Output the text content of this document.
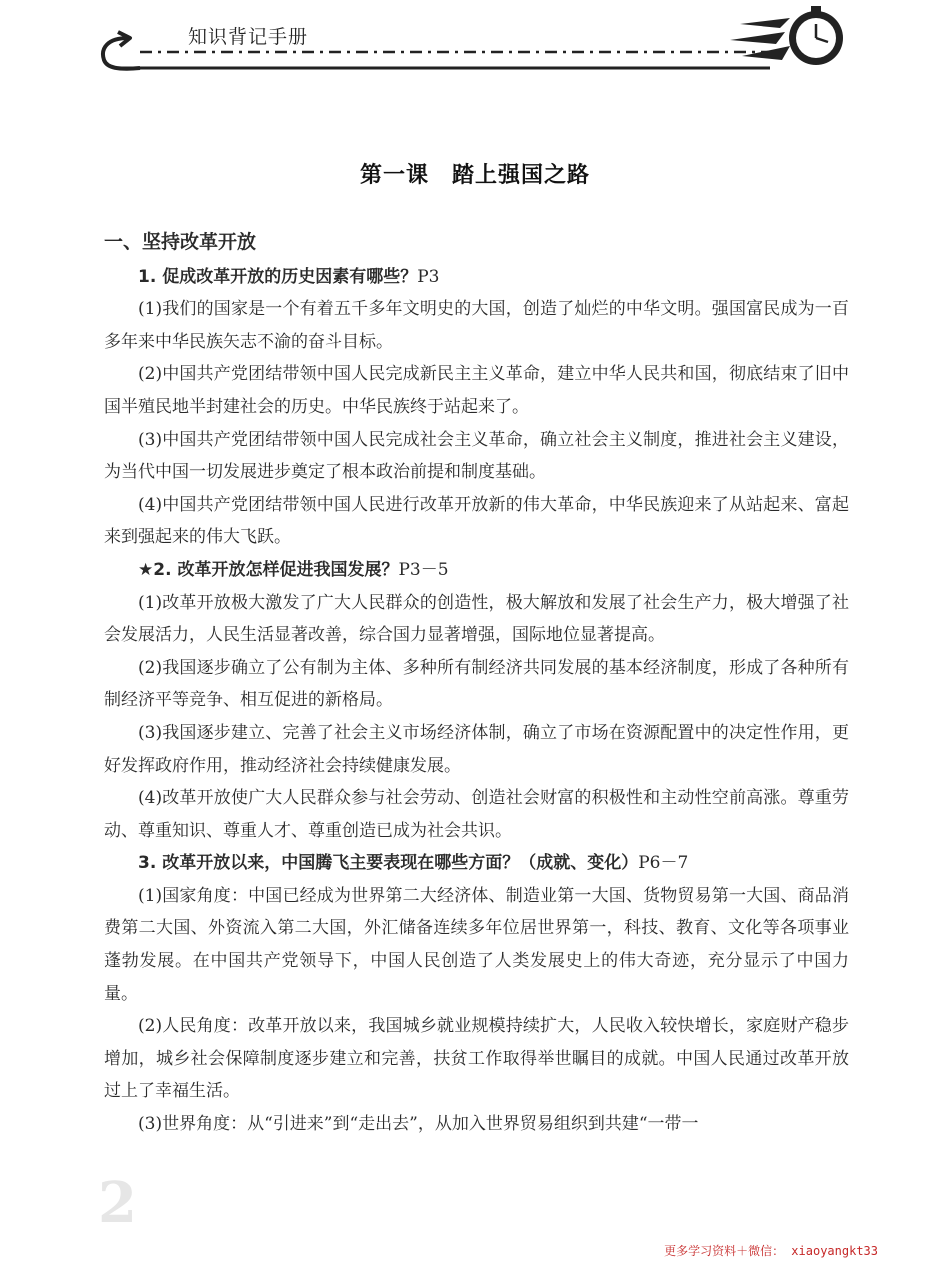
知识背记手册
第一课　踏上强国之路
一、坚持改革开放
1. 促成改革开放的历史因素有哪些？P3
(1)我们的国家是一个有着五千多年文明史的大国，创造了灿烂的中华文明。强国富民成为一百多年来中华民族矢志不渝的奋斗目标。
(2)中国共产党团结带领中国人民完成新民主主义革命，建立中华人民共和国，彻底结束了旧中国半殖民地半封建社会的历史。中华民族终于站起来了。
(3)中国共产党团结带领中国人民完成社会主义革命，确立社会主义制度，推进社会主义建设，为当代中国一切发展进步奠定了根本政治前提和制度基础。
(4)中国共产党团结带领中国人民进行改革开放新的伟大革命，中华民族迎来了从站起来、富起来到强起来的伟大飞跃。
★2. 改革开放怎样促进我国发展？P3－5
(1)改革开放极大激发了广大人民群众的创造性，极大解放和发展了社会生产力，极大增强了社会发展活力，人民生活显著改善，综合国力显著增强，国际地位显著提高。
(2)我国逐步确立了公有制为主体、多种所有制经济共同发展的基本经济制度，形成了各种所有制经济平等竞争、相互促进的新格局。
(3)我国逐步建立、完善了社会主义市场经济体制，确立了市场在资源配置中的决定性作用，更好发挥政府作用，推动经济社会持续健康发展。
(4)改革开放使广大人民群众参与社会劳动、创造社会财富的积极性和主动性空前高涨。尊重劳动、尊重知识、尊重人才、尊重创造已成为社会共识。
3. 改革开放以来，中国腾飞主要表现在哪些方面？（成就、变化）P6－7
(1)国家角度：中国已经成为世界第二大经济体、制造业第一大国、货物贸易第一大国、商品消费第二大国、外资流入第二大国，外汇储备连续多年位居世界第一，科技、教育、文化等各项事业蓬勃发展。在中国共产党领导下，中国人民创造了人类发展史上的伟大奇迹，充分显示了中国力量。
(2)人民角度：改革开放以来，我国城乡就业规模持续扩大，人民收入较快增长，家庭财产稳步增加，城乡社会保障制度逐步建立和完善，扶贫工作取得举世瞩目的成就。中国人民通过改革开放过上了幸福生活。
(3)世界角度：从“引进来”到“走出去”，从加入世界贸易组织到共建“一带一
2
更多学习资料＋微信： xiaoyangkt33
